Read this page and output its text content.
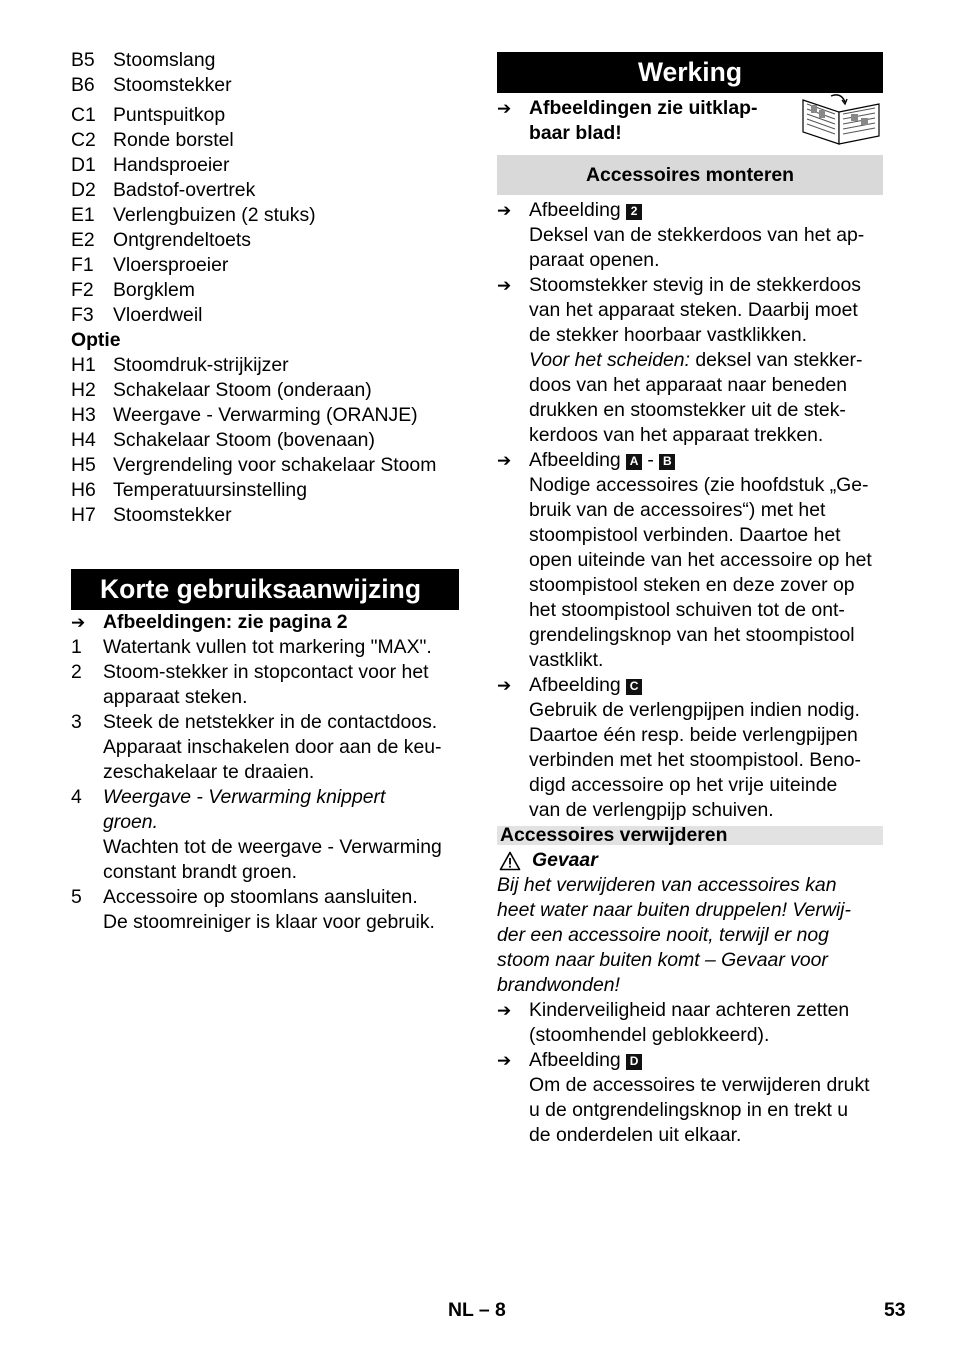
B5 Stoomslang
B6 Stoomstekker
C1 Puntspuitkop
C2 Ronde borstel
D1 Handsproeier
D2 Badstof-overtrek
E1 Verlengbuizen (2 stuks)
E2 Ontgrendeltoets
F1 Vloersproeier
F2 Borgklem
F3 Vloerdweil
Optie
H1 Stoomdruk-strijkijzer
H2 Schakelaar Stoom (onderaan)
H3 Weergave - Verwarming (ORANJE)
H4 Schakelaar Stoom (bovenaan)
H5 Vergrendeling voor schakelaar Stoom
H6 Temperatuursinstelling
H7 Stoomstekker
Korte gebruiksaanwijzing
➔ Afbeeldingen: zie pagina 2
1	Watertank vullen tot markering "MAX".
2	Stoom-stekker in stopcontact voor het
apparaat steken.
3	Steek de netstekker in de contactdoos.
Apparaat inschakelen door aan de keu-
zeschakelaar te draaien.
4	Weergave - Verwarming knippert
groen.
Wachten tot de weergave - Verwarming
constant brandt groen.
5	Accessoire op stoomlans aansluiten.
De stoomreiniger is klaar voor gebruik.
Werking
➔ Afbeeldingen zie uitklap-
baar blad!
Accessoires monteren
➔ Afbeelding 2
Deksel van de stekkerdoos van het ap-
paraat openen.
➔ Stoomstekker stevig in de stekkerdoos
van het apparaat steken. Daarbij moet
de stekker hoorbaar vastklikken.
Voor het scheiden: deksel van stekker-
doos van het apparaat naar beneden
drukken en stoomstekker uit de stek-
kerdoos van het apparaat trekken.
➔ Afbeelding A - B
Nodige accessoires (zie hoofdstuk „Ge-
bruik van de accessoires“) met het
stoompistool verbinden. Daartoe het
open uiteinde van het accessoire op het
stoompistool steken en deze zover op
het stoompistool schuiven tot de ont-
grendelingsknop van het stoompistool
vastklikt.
➔ Afbeelding C
Gebruik de verlengpijpen indien nodig.
Daartoe één resp. beide verlengpijpen
verbinden met het stoompistool. Beno-
digd accessoire op het vrije uiteinde
van de verlengpijp schuiven.
Accessoires verwijderen
Gevaar
Bij het verwijderen van accessoires kan
heet water naar buiten druppelen! Verwij-
der een accessoire nooit, terwijl er nog
stoom naar buiten komt – Gevaar voor
brandwonden!
➔ Kinderveiligheid naar achteren zetten
(stoomhendel geblokkeerd).
➔ Afbeelding D
Om de accessoires te verwijderen drukt
u de ontgrendelingsknop in en trekt u
de onderdelen uit elkaar.
NL – 8	53
